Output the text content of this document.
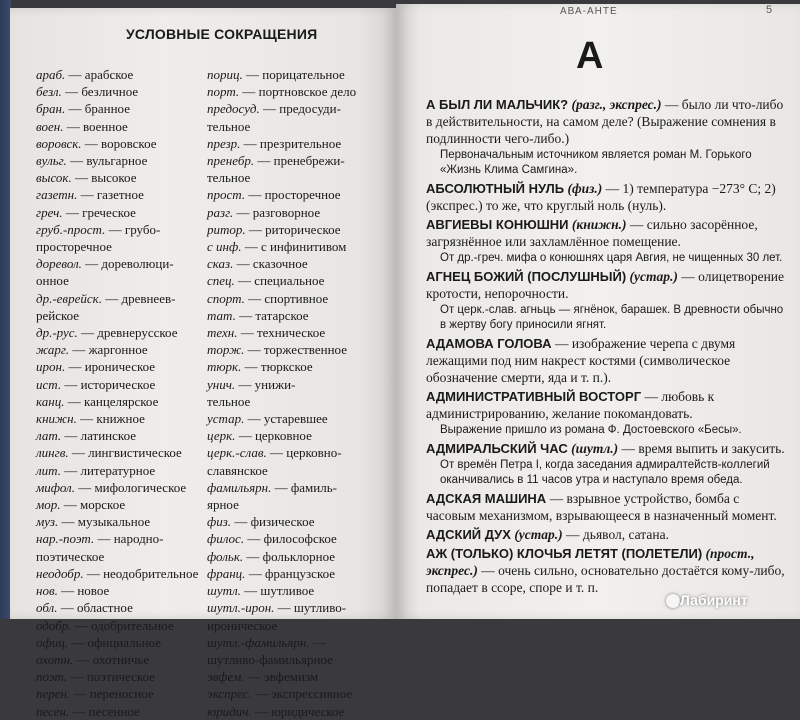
УСЛОВНЫЕ СОКРАЩЕНИЯ
араб. — арабское
безл. — безличное
бран. — бранное
воен. — военное
воровск. — воровское
вульг. — вульгарное
высок. — высокое
газетн. — газетное
греч. — греческое
груб.-прост. — грубо-
просторечное
доревол. — дореволюци-
онное
др.-еврейск. — древнеев-
рейское
др.-рус. — древнерусское
жарг. — жаргонное
ирон. — ироническое
ист. — историческое
канц. — канцелярское
книжн. — книжное
лат. — латинское
лингв. — лингвистическое
лит. — литературное
мифол. — мифологическое
мор. — морское
муз. — музыкальное
нар.-поэт. — народно-
поэтическое
неодобр. — неодобрительное
нов. — новое
обл. — областное
одобр. — одобрительное
офиц. — официальное
охотн. — охотничье
поэт. — поэтическое
перен. — переносное
песен. — песенное
пориц. — порицательное
порт. — портновское дело
предосуд. — предосуди-
тельное
презр. — презрительное
пренебр. — пренебрежи-
тельное
прост. — просторечное
разг. — разговорное
ритор. — риторическое
с инф. — с инфинитивом
сказ. — сказочное
спец. — специальное
спорт. — спортивное
тат. — татарское
техн. — техническое
торж. — торжественное
тюрк. — тюркское
унич. — унижи-
тельное
устар. — устаревшее
церк. — церковное
церк.-слав. — церковно-
славянское
фамильярн. — фамиль-
ярное
физ. — физическое
филос. — философское
фольк. — фольклорное
франц. — французское
шутл. — шутливое
шутл.-ирон. — шутливо-
ироническое
шутл.-фамильярн. —
шутливо-фамильярное
эвфем. — эвфемизм
экспрес. — экспрессивное
юридич. — юридическое
АВА-АНТЕ	5
А
А БЫЛ ЛИ МАЛЬЧИК? (разг., экспрес.) — было ли что-либо в действительности, на самом деле? (Выражение сомнения в подлинности чего-либо.)
Первоначальным источником является роман М. Горького «Жизнь Клима Самгина».
АБСОЛЮТНЫЙ НУЛЬ (физ.) — 1) температура −273° С; 2) (экспрес.) то же, что круглый ноль (нуль).
АВГИЕВЫ КОНЮШНИ (книжн.) — сильно засорённое, загрязнённое или захламлённое помещение.
От др.-греч. мифа о конюшнях царя Авгия, не чищенных 30 лет.
АГНЕЦ БОЖИЙ (ПОСЛУШНЫЙ) (устар.) — олицетворение кротости, непорочности.
От церк.-слав. агньць — ягнёнок, барашек. В древности обычно в жертву богу приносили ягнят.
АДАМОВА ГОЛОВА — изображение черепа с двумя лежащими под ним накрест костями (символическое обозначение смерти, яда и т. п.).
АДМИНИСТРАТИВНЫЙ ВОСТОРГ — любовь к администрированию, желание покомандовать.
Выражение пришло из романа Ф. Достоевского «Бесы».
АДМИРАЛЬСКИЙ ЧАС (шутл.) — время выпить и закусить.
От времён Петра I, когда заседания адмиралтейств-коллегий оканчивались в 11 часов утра и наступало время обеда.
АДСКАЯ МАШИНА — взрывное устройство, бомба с часовым механизмом, взрывающееся в назначенный момент.
АДСКИЙ ДУХ (устар.) — дьявол, сатана.
АЖ (ТОЛЬКО) КЛОЧЬЯ ЛЕТЯТ (ПОЛЕТЕЛИ) (прост., экспрес.) — очень сильно, основательно достаётся кому-либо, попадает в ссоре, споре и т. п.
Лабиринт
